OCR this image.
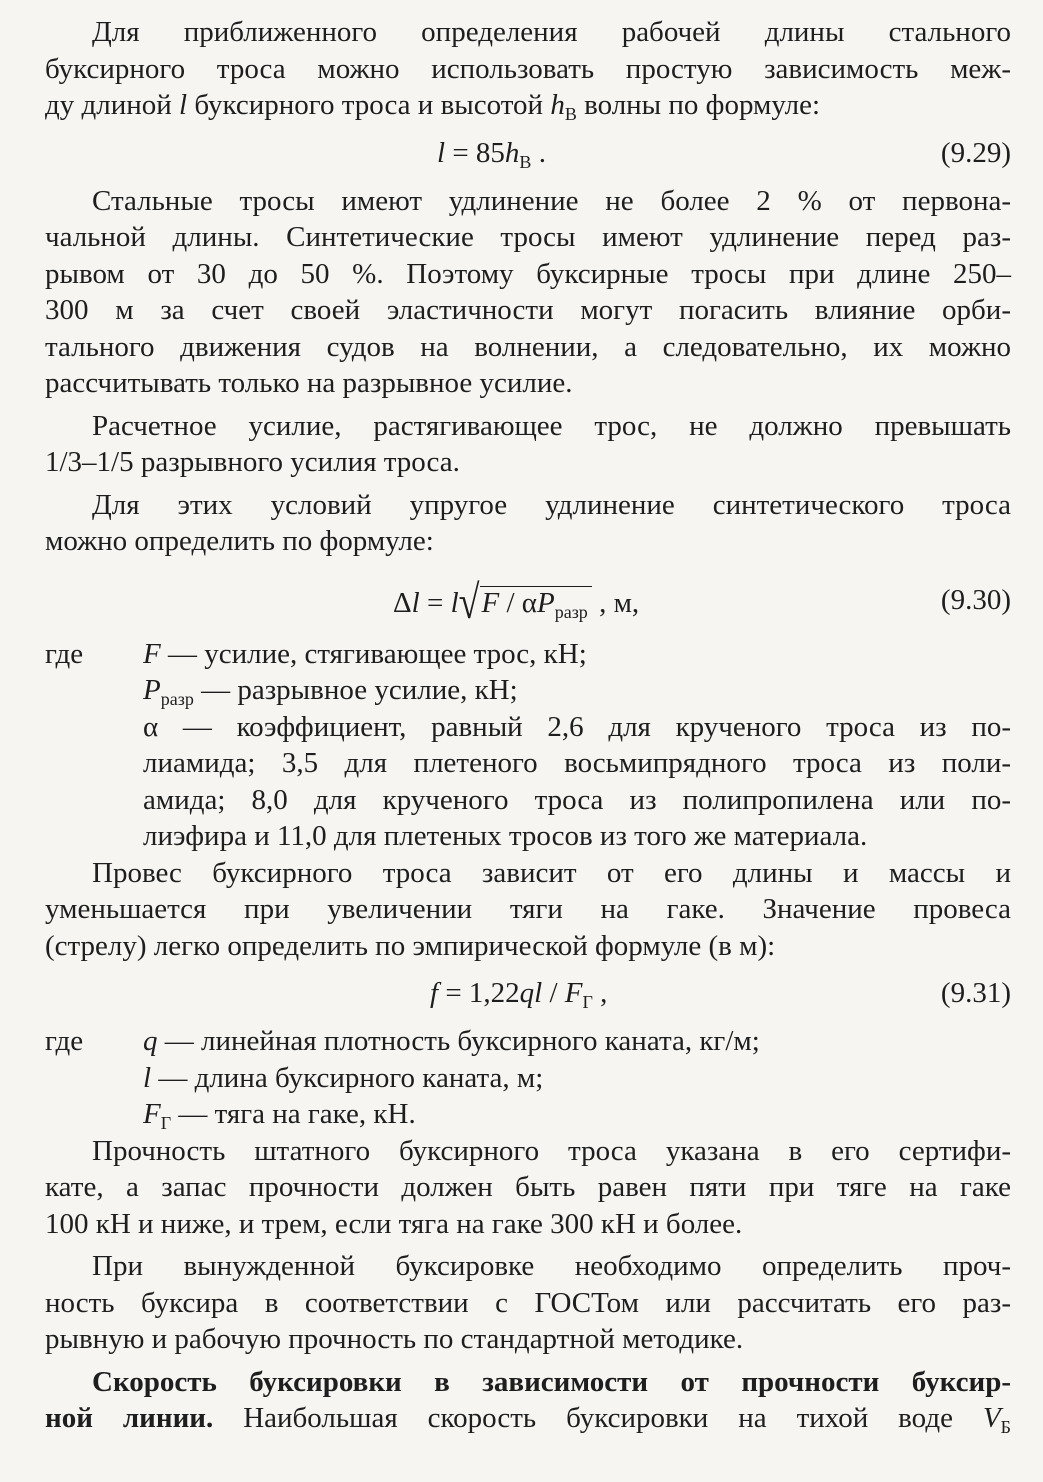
Для приближенного определения рабочей длины стального

буксирного троса можно использовать простую зависимость меж-

ду длиной l буксирного троса и высотой $h_В$ волны по формуле:

$l = 85h_В$ .	(9.29)

Стальные тросы имеют удлинение не более 2 % от первона-

чальной длины. Синтетические тросы имеют удлинение перед раз-

рывом от 30 до 50 %. Поэтому буксирные тросы при длине 250–

300 м за счет своей эластичности могут погасить влияние орби-

тального движения судов на волнении, а следовательно, их можно

рассчитывать только на разрывное усилие.

Расчетное усилие, растягивающее трос, не должно превышать

1/3–1/5 разрывного усилия троса.

Для этих условий упругое удлинение синтетического троса

можно определить по формуле:

$\Delta l = l√F / \alpha P_{разр}$ , м,	(9.30)
где F — усилие, стягивающее трос, кН;

$P_{разр}$ — разрывное усилие, кН;

α — коэффициент, равный 2,6 для крученого троса из по-

лиамида; 3,5 для плетеного восьмипрядного троса из поли-

амида; 8,0 для крученого троса из полипропилена или по-

лиэфира и 11,0 для плетеных тросов из того же материала.

Провес буксирного троса зависит от его длины и массы и

уменьшается при увеличении тяги на гаке. Значение провеса

(стрелу) легко определить по эмпирической формуле (в м):

$f = 1,22ql / F_Г$ ,	(9.31)
где q — линейная плотность буксирного каната, кг/м;

l — длина буксирного каната, м;

$F_Г$ — тяга на гаке, кН.

Прочность штатного буксирного троса указана в его сертифи-

кате, а запас прочности должен быть равен пяти при тяге на гаке

100 кН и ниже, и трем, если тяга на гаке 300 кН и более.

При вынужденной буксировке необходимо определить проч-

ность буксира в соответствии с ГОСТом или рассчитать его раз-

рывную и рабочую прочность по стандартной методике.

Скорость буксировки в зависимости от прочности буксир-

ной линии. Наибольшая скорость буксировки на тихой воде $V_Б$
